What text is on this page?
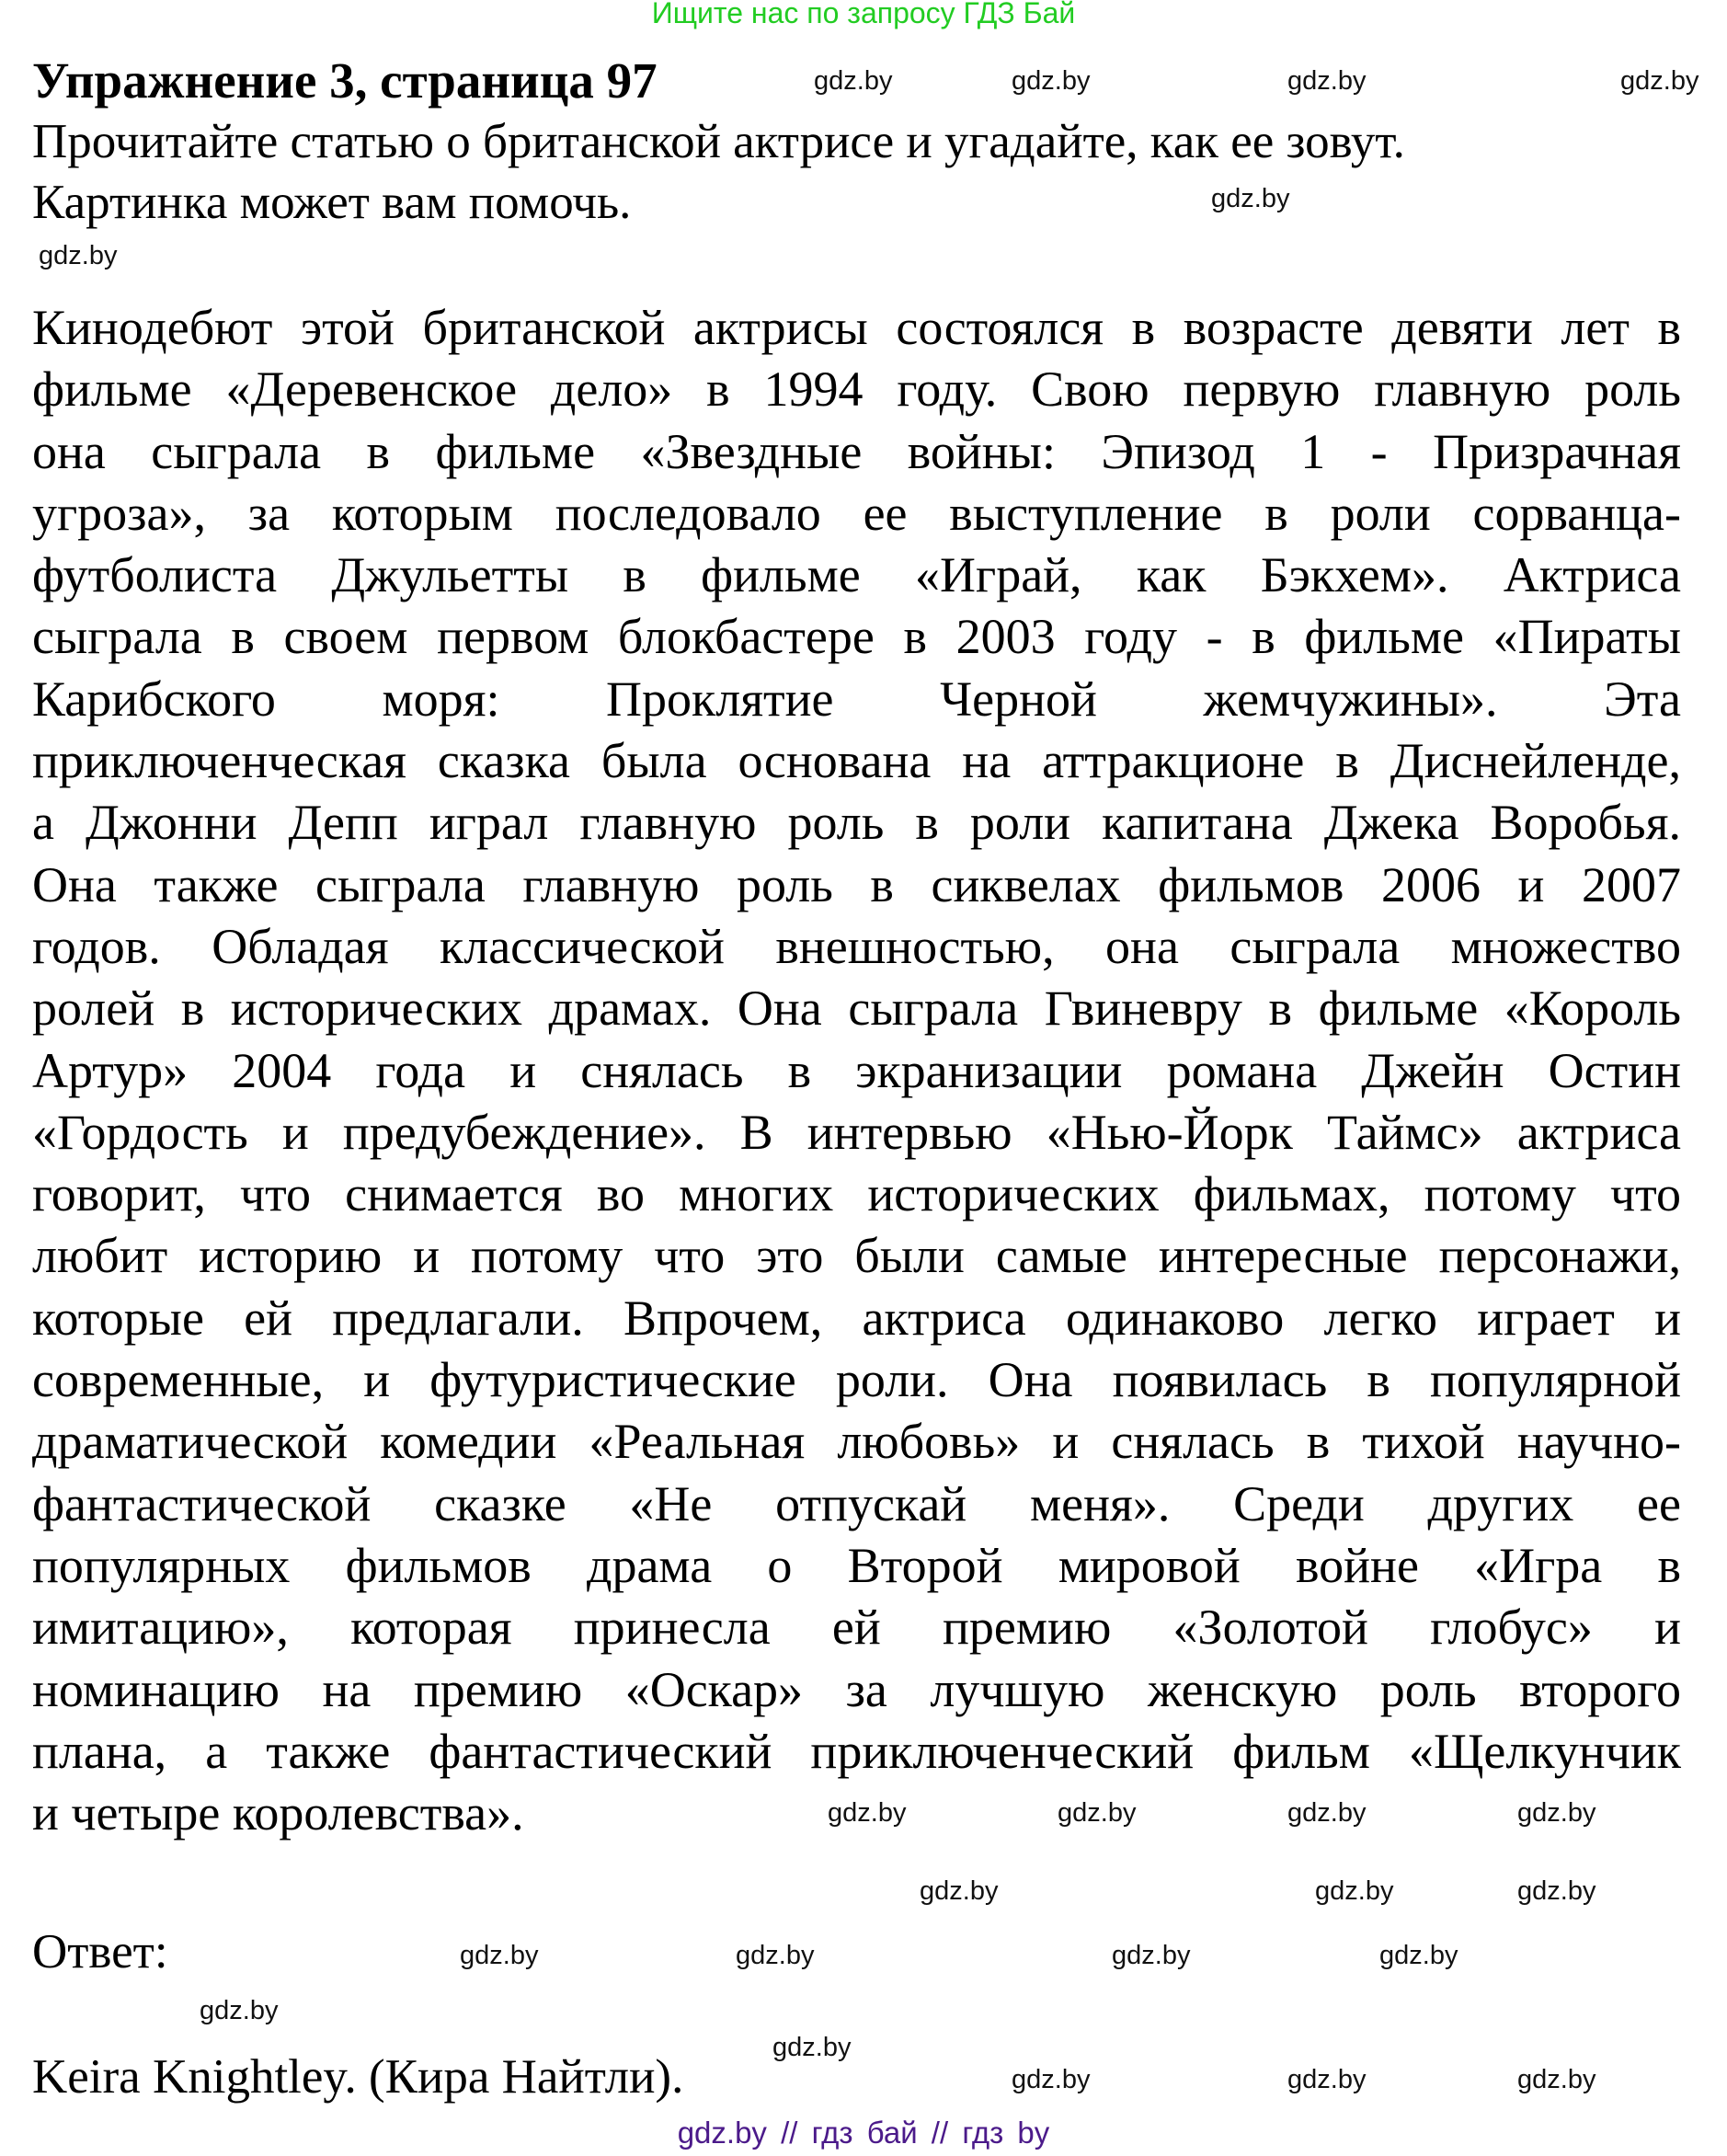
Ищите нас по запросу ГДЗ Бай
Упражнение 3, страница 97
Прочитайте статью о британской актрисе и угадайте, как ее зовут.
Картинка может вам помочь.
Кинодебют этой британской актрисы состоялся в возрасте девяти лет в
фильме «Деревенское дело» в 1994 году. Свою первую главную роль
она сыграла в фильме «Звездные войны: Эпизод 1 - Призрачная
угроза», за которым последовало ее выступление в роли сорванца-
футболиста Джульетты в фильме «Играй, как Бэкхем». Актриса
сыграла в своем первом блокбастере в 2003 году - в фильме «Пираты
Карибского моря: Проклятие Черной жемчужины». Эта
приключенческая сказка была основана на аттракционе в Диснейленде,
а Джонни Депп играл главную роль в роли капитана Джека Воробья.
Она также сыграла главную роль в сиквелах фильмов 2006 и 2007
годов. Обладая классической внешностью, она сыграла множество
ролей в исторических драмах. Она сыграла Гвиневру в фильме «Король
Артур» 2004 года и снялась в экранизации романа Джейн Остин
«Гордость и предубеждение». В интервью «Нью-Йорк Таймс» актриса
говорит, что снимается во многих исторических фильмах, потому что
любит историю и потому что это были самые интересные персонажи,
которые ей предлагали. Впрочем, актриса одинаково легко играет и
современные, и футуристические роли. Она появилась в популярной
драматической комедии «Реальная любовь» и снялась в тихой научно-
фантастической сказке «Не отпускай меня». Среди других ее
популярных фильмов драма о Второй мировой войне «Игра в
имитацию», которая принесла ей премию «Золотой глобус» и
номинацию на премию «Оскар» за лучшую женскую роль второго
плана, а также фантастический приключенческий фильм «Щелкунчик
и четыре королевства».
Ответ:
Keira Knightley. (Кира Найтли).
gdz.by	gdz.by
gdz.by
gdz.by
gdz.by	gdz.by
gdz.by	gdz.by	gdz.by	gdz.by
gdz.by	gdz.by
gdz.by	gdz.by	gdz.by
gdz.by	gdz.by	gdz.by
gdz.by
gdz.by
gdz.by
gdz.by
gdz.by // гдз бай // гдз by
